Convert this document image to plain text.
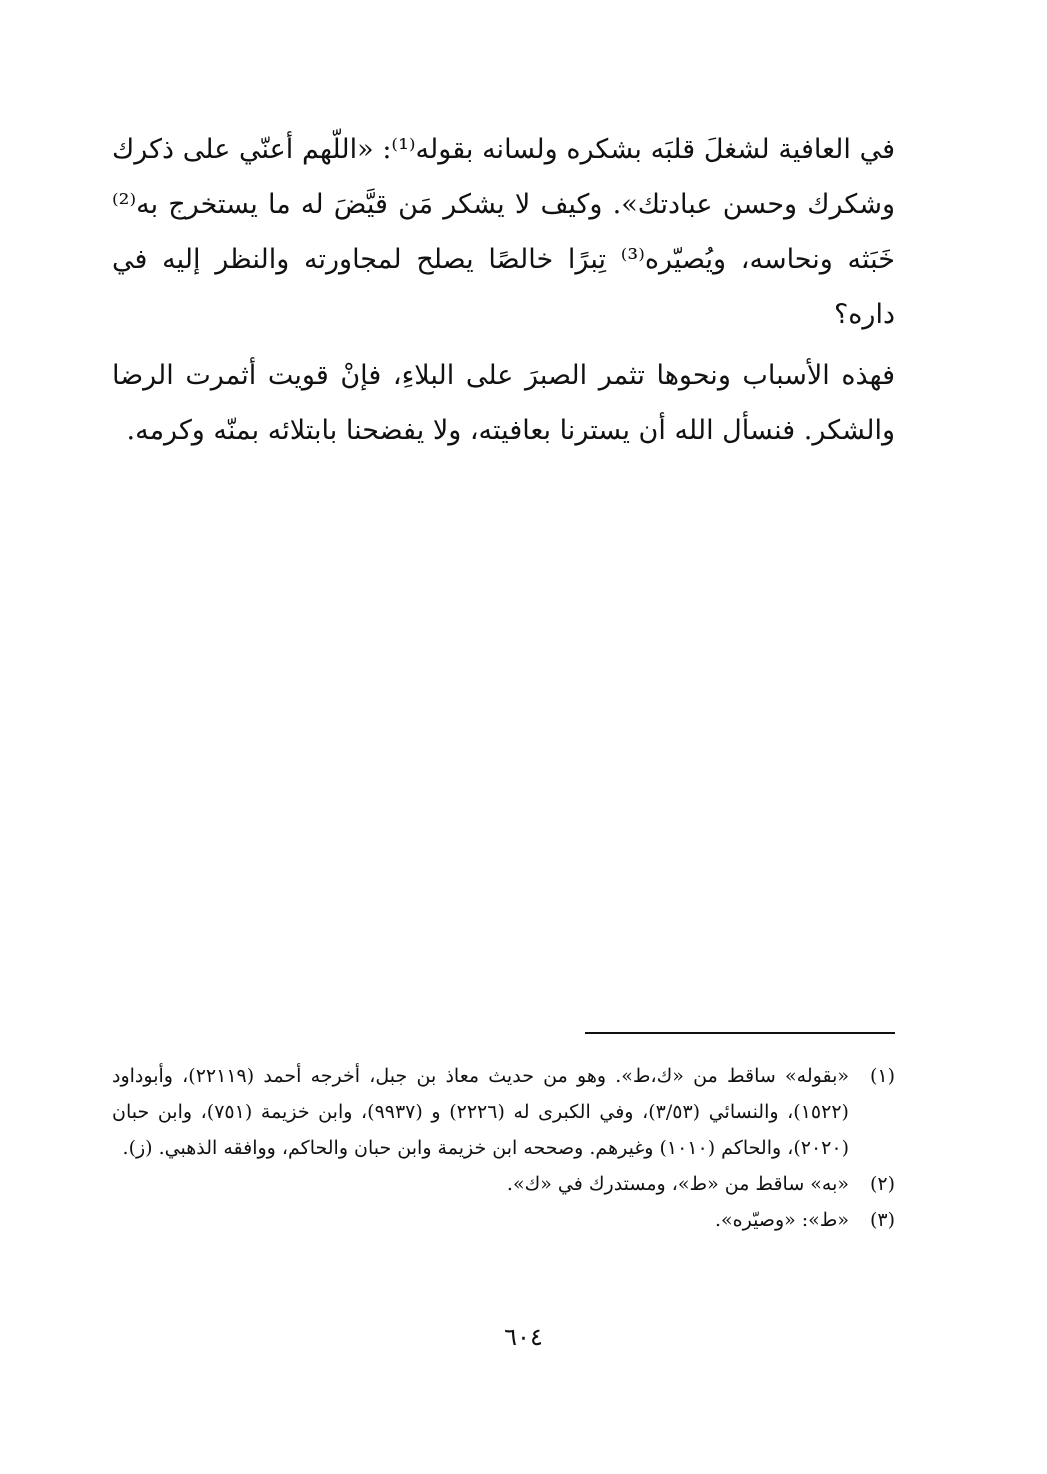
في العافية لشغلَ قلبَه بشكره ولسانه بقوله⁽¹⁾: «اللّهم أعنّي على ذكرك وشكرك وحسن عبادتك». وكيف لا يشكر مَن قيَّضَ له ما يستخرج به⁽²⁾ خَبَثه ونحاسه، ويُصيّره⁽³⁾ تِبرًا خالصًا يصلح لمجاورته والنظر إليه في داره؟

فهذه الأسباب ونحوها تثمر الصبرَ على البلاءِ، فإنْ قويت أثمرت الرضا والشكر. فنسأل الله أن يسترنا بعافيته، ولا يفضحنا بابتلائه بمنّه وكرمه.

(١)
«بقوله» ساقط من «ك،ط». وهو من حديث معاذ بن جبل، أخرجه أحمد (٢٢١١٩)، وأبوداود (١٥٢٢)، والنسائي (٣/٥٣)، وفي الكبرى له (٢٢٢٦) و (٩٩٣٧)، وابن خزيمة (٧٥١)، وابن حبان (٢٠٢٠)، والحاكم (١٠١٠) وغيرهم. وصححه ابن خزيمة وابن حبان والحاكم، ووافقه الذهبي. (ز).
(٢)
«به» ساقط من «ط»، ومستدرك في «ك».
(٣)
«ط»: «وصيّره».
٦٠٤
